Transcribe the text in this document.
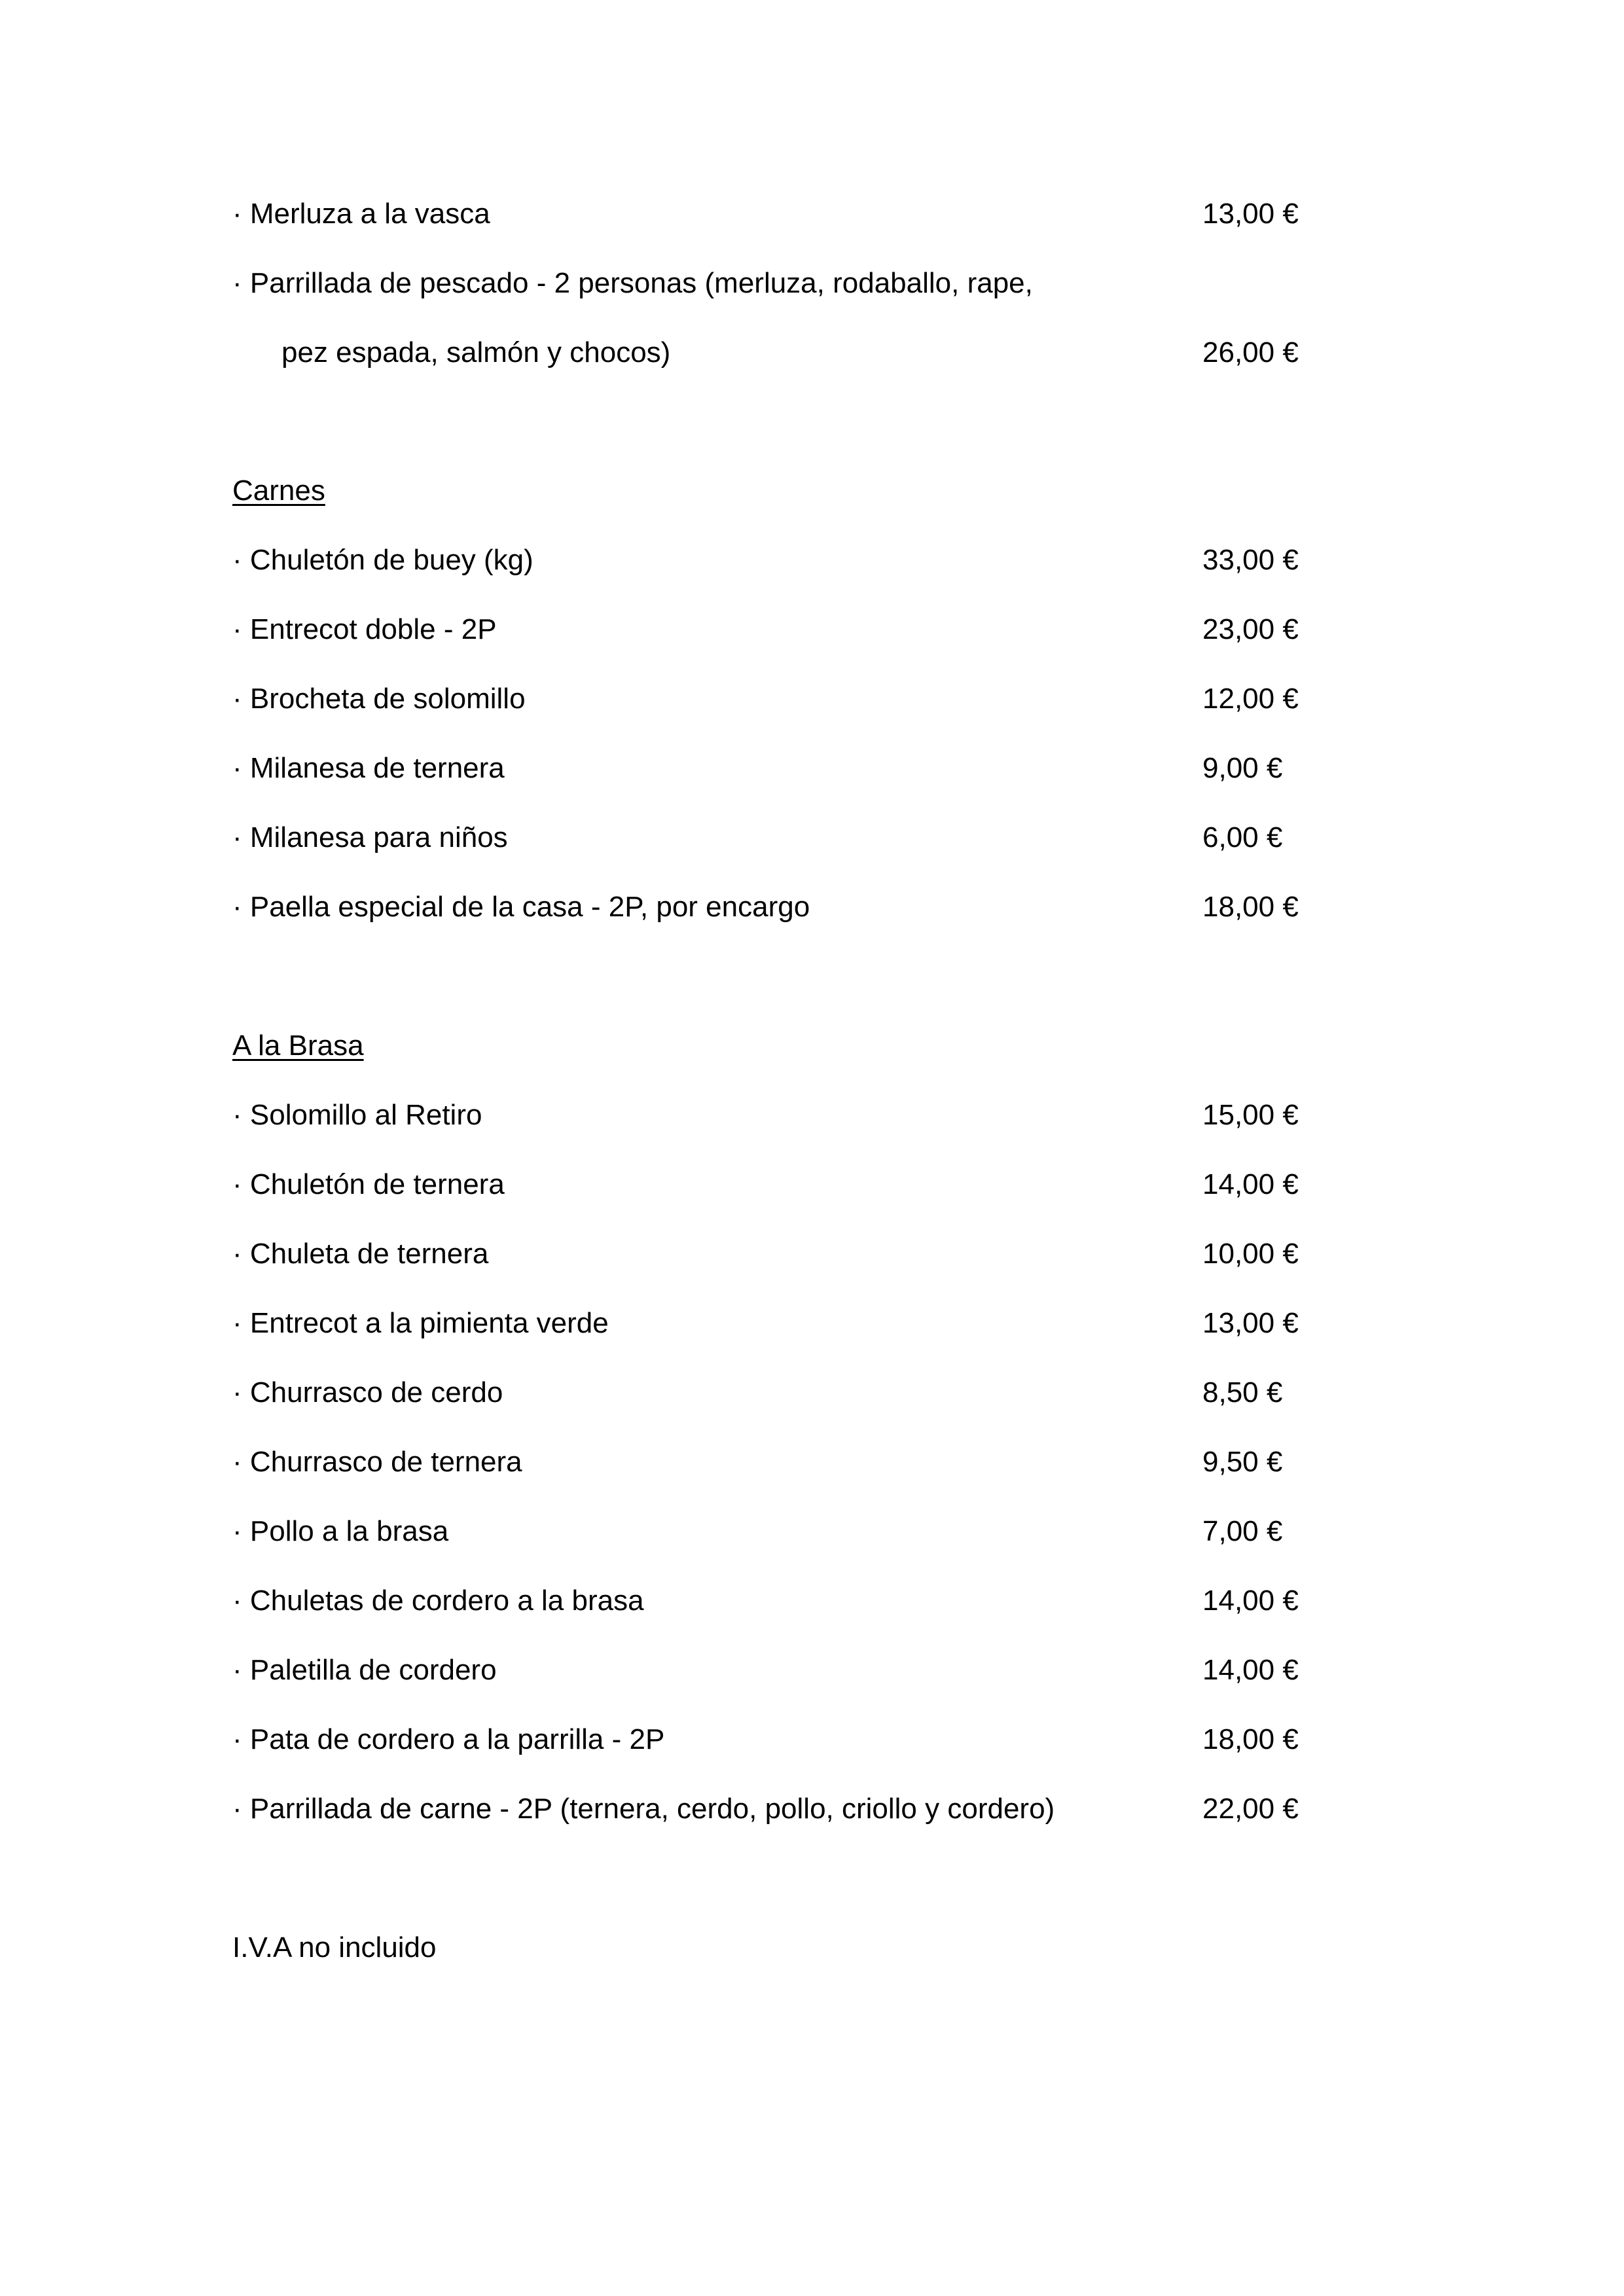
· Merluza a la vasca	13,00 €
· Parrillada de pescado - 2 personas (merluza, rodaballo, rape,
pez espada, salmón y chocos)	26,00 €
Carnes
· Chuletón de buey (kg)	33,00 €
· Entrecot doble - 2P	23,00 €
· Brocheta de solomillo	12,00 €
· Milanesa de ternera	9,00 €
· Milanesa para niños	6,00 €
· Paella especial de la casa - 2P, por encargo	18,00 €
A la Brasa
· Solomillo al Retiro	15,00 €
· Chuletón de ternera	14,00 €
· Chuleta de ternera	10,00 €
· Entrecot a la pimienta verde	13,00 €
· Churrasco de cerdo	8,50 €
· Churrasco de ternera	9,50 €
· Pollo a la brasa	7,00 €
· Chuletas de cordero a la brasa	14,00 €
· Paletilla de cordero	14,00 €
· Pata de cordero a la parrilla - 2P	18,00 €
· Parrillada de carne - 2P (ternera, cerdo, pollo, criollo y cordero)	22,00 €
I.V.A no incluido
